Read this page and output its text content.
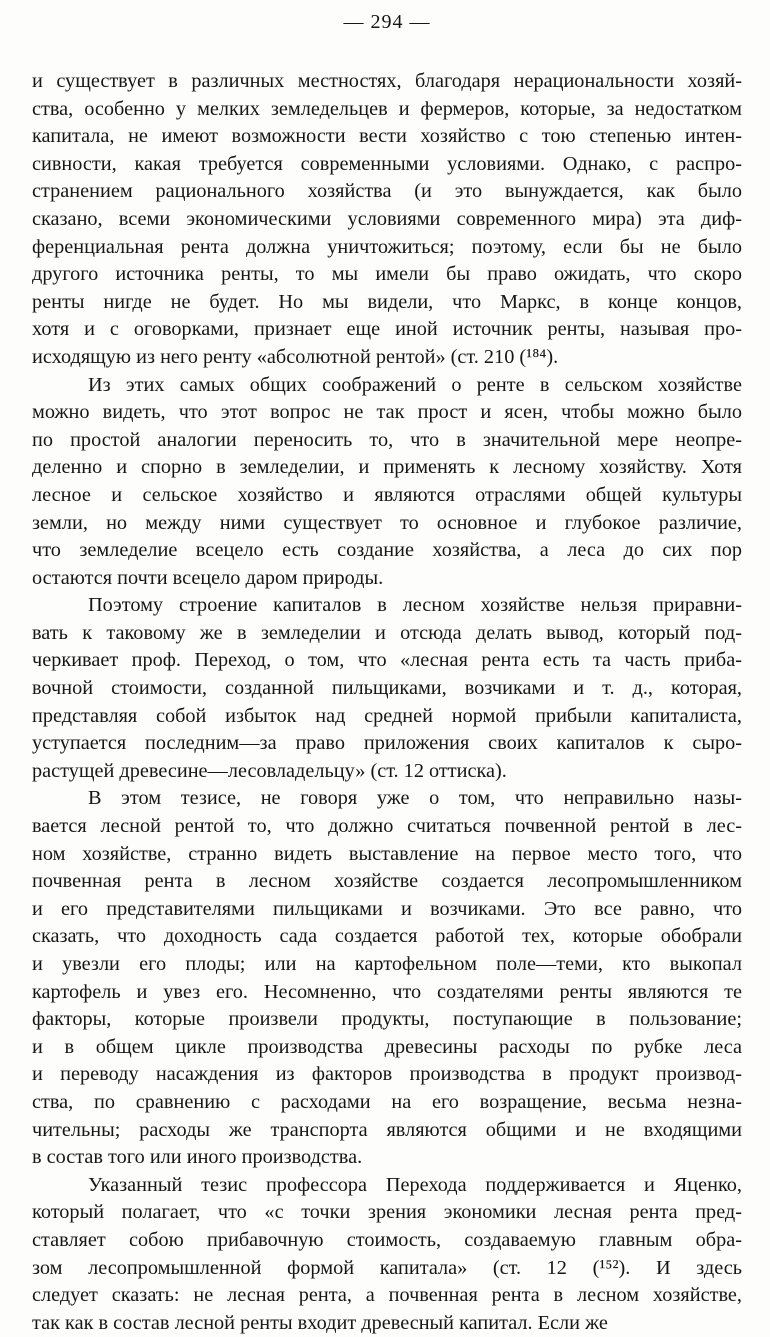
— 294 —

и существует в различных местностях, благодаря нерациональности хозяй-
ства, особенно у мелких земледельцев и фермеров, которые, за недостатком
капитала, не имеют возможности вести хозяйство с тою степенью интен-
сивности, какая требуется современными условиями. Однако, с распро-
странением рационального хозяйства (и это вынуждается, как было
сказано, всеми экономическими условиями современного мира) эта диф-
ференциальная рента должна уничтожиться; поэтому, если бы не было
другого источника ренты, то мы имели бы право ожидать, что скоро
ренты нигде не будет. Но мы видели, что Маркс, в конце концов,
хотя и с оговорками, признает еще иной источник ренты, называя про-
исходящую из него ренту «абсолютной рентой» (ст. 210 (¹⁸⁴).

Из этих самых общих соображений о ренте в сельском хозяйстве
можно видеть, что этот вопрос не так прост и ясен, чтобы можно было
по простой аналогии переносить то, что в значительной мере неопре-
деленно и спорно в земледелии, и применять к лесному хозяйству. Хотя
лесное и сельское хозяйство и являются отраслями общей культуры
земли, но между ними существует то основное и глубокое различие,
что земледелие всецело есть создание хозяйства, а леса до сих пор
остаются почти всецело даром природы.

Поэтому строение капиталов в лесном хозяйстве нельзя приравни-
вать к таковому же в земледелии и отсюда делать вывод, который под-
черкивает проф. Переход, о том, что «лесная рента есть та часть приба-
вочной стоимости, созданной пильщиками, возчиками и т. д., которая,
представляя собой избыток над средней нормой прибыли капиталиста,
уступается последним—за право приложения своих капиталов к сыро-
растущей древесине—лесовладельцу» (ст. 12 оттиска).

В этом тезисе, не говоря уже о том, что неправильно назы-
вается лесной рентой то, что должно считаться почвенной рентой в лес-
ном хозяйстве, странно видеть выставление на первое место того, что
почвенная рента в лесном хозяйстве создается лесопромышленником
и его представителями пильщиками и возчиками. Это все равно, что
сказать, что доходность сада создается работой тех, которые обобрали
и увезли его плоды; или на картофельном поле—теми, кто выкопал
картофель и увез его. Несомненно, что создателями ренты являются те
факторы, которые произвели продукты, поступающие в пользование;
и в общем цикле производства древесины расходы по рубке леса
и переводу насаждения из факторов производства в продукт производ-
ства, по сравнению с расходами на его возращение, весьма незна-
чительны; расходы же транспорта являются общими и не входящими
в состав того или иного производства.

Указанный тезис профессора Перехода поддерживается и Яценко,
который полагает, что «с точки зрения экономики лесная рента пред-
ставляет собою прибавочную стоимость, создаваемую главным обра-
зом лесопромышленной формой капитала» (ст. 12 (¹⁵²). И здесь
следует сказать: не лесная рента, а почвенная рента в лесном хозяйстве,
так как в состав лесной ренты входит древесный капитал. Если же
